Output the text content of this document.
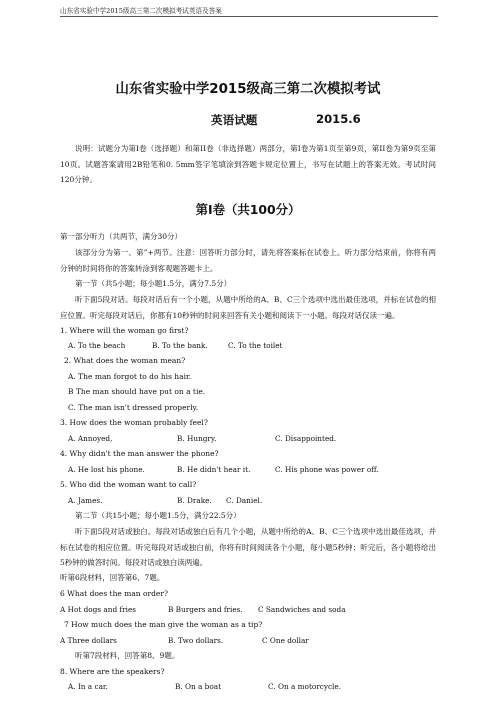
山东省实验中学2015级高三第二次模拟考试英语及答案
山东省实验中学2015级高三第二次模拟考试
英语试题	2015.6
说明：试题分为第I卷（选择题）和第II卷（非选择题）两部分，第I卷为第1页至第9页，第II卷为第9页至第10页。试题答案请用2B铅笔和0. 5mm签字笔填涂到答题卡规定位置上，书写在试题上的答案无效。考试时间120分钟。
第I卷（共100分）
第一部分听力（共两节，满分30分）
该部分分为第一、第”+两节。注意：回答听力部分时，请先将答案标在试卷上。听力部分结束前，你将有两分钟的时间将你的答案转涂到客观题答题卡上。
第一节（共5小题；每小题1.5分，满分7.5分）
听下面5段对话。每段对话后有一个小题，从题中所给的A、B、C三个选项中选出最佳选项，并标在试卷的相应位置。听完每段对话后，你都有10秒钟的时间来回答有关小题和阅读下一小题。每段对话仅读一遍。
1. Where will the woman go first?
A. To the beach	B. To the bank.	C. To the toilet
2. What does the woman mean?
A. The man forgot to do his hair.
B The man should have put on a tie.
C. The man isn't dressed properly.
3. How does the woman probably feel?
A. Annoyed,	B. Hungry.	C. Disappointed.
4. Why didn't the man answer the phone?
A. He lost his phone.	B. He didn't hear it.	C. His phone was power off.
5. Who did the woman want to call?
A. James.	B. Drake. C. Daniel.
第二节（共15小题；每小题1.5分，满分22.5分）
听下面5段对话或独白。每段对话或独白后有几个小题，从题中所给的A、B、C三个选项中选出最佳选项，并标在试卷的相应位置。听完每段对话或独白前，你将有时间阅读各个小题，每小题5秒钟；听完后，各小题将给出5秒钟的做答时间。每段对话或独白读两遍。
6 What does the man order?
A Hot dogs and fries	B Burgers and fries. C Sandwiches and soda
7 How much does the man give the woman as a tip?
A Three dollars	B. Two dollars.	C One dollar
听第7段材料，回答第8、9题。
8. Where are the speakers?
A. In a car.	B. On a boat	C. On a motorcycle.
听第6段材料，回答第6、7题。
